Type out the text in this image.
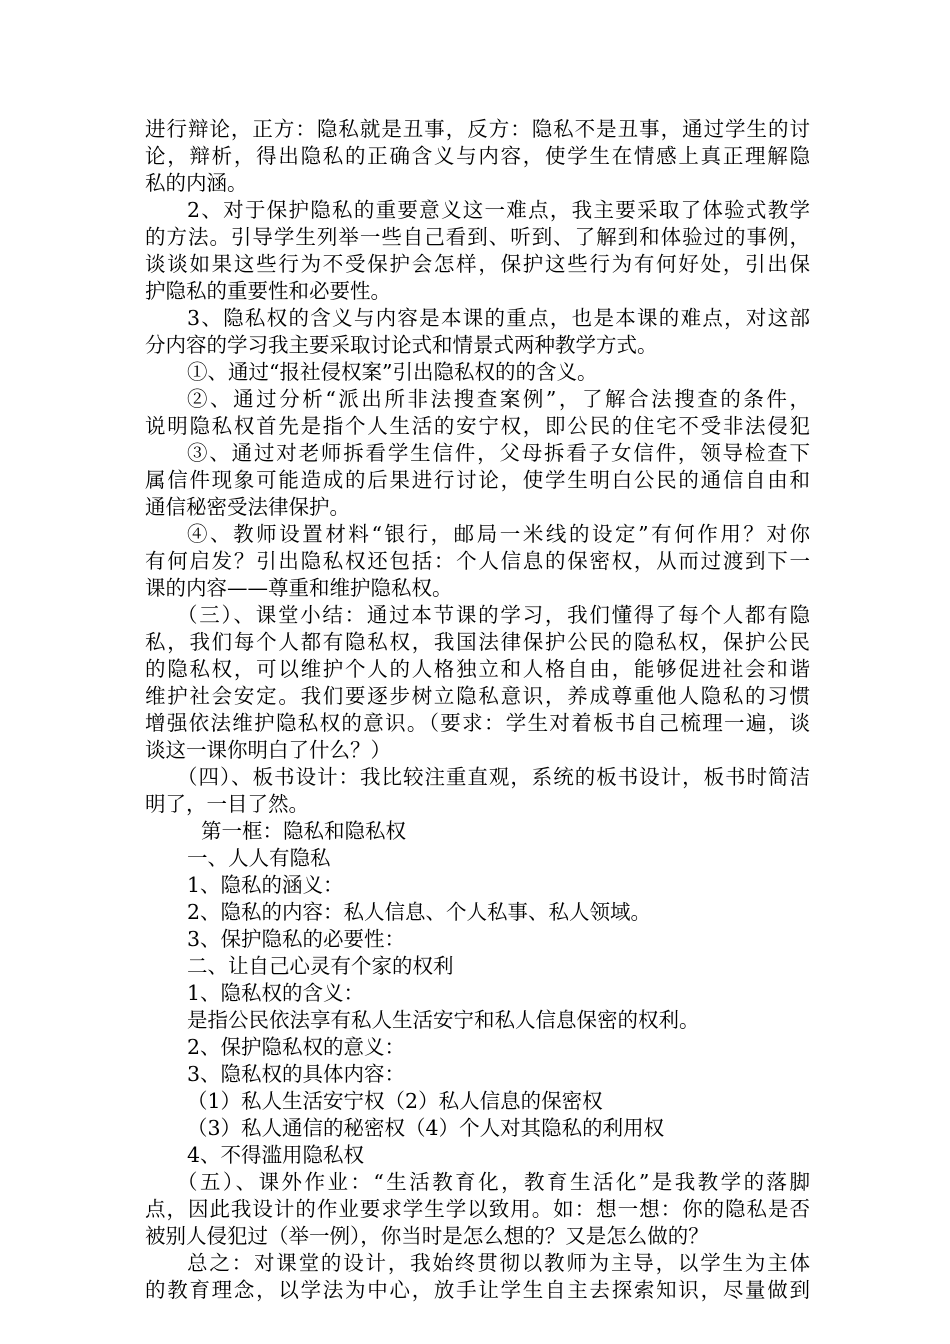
进行辩论，正方：隐私就是丑事，反方：隐私不是丑事，通过学生的讨
论，辩析，得出隐私的正确含义与内容，使学生在情感上真正理解隐
私的内涵。
2、对于保护隐私的重要意义这一难点，我主要采取了体验式教学
的方法。引导学生列举一些自己看到、听到、了解到和体验过的事例，
谈谈如果这些行为不受保护会怎样，保护这些行为有何好处，引出保
护隐私的重要性和必要性。
3、隐私权的含义与内容是本课的重点，也是本课的难点，对这部
分内容的学习我主要采取讨论式和情景式两种教学方式。
①、通过“报社侵权案”引出隐私权的的含义。
②、通过分析“派出所非法搜查案例”，了解合法搜查的条件，
说明隐私权首先是指个人生活的安宁权，即公民的住宅不受非法侵犯
③、通过对老师拆看学生信件，父母拆看子女信件，领导检查下
属信件现象可能造成的后果进行讨论，使学生明白公民的通信自由和
通信秘密受法律保护。
④、教师设置材料“银行，邮局一米线的设定”有何作用？对你
有何启发？引出隐私权还包括：个人信息的保密权，从而过渡到下一
课的内容——尊重和维护隐私权。
（三）、课堂小结：通过本节课的学习，我们懂得了每个人都有隐
私，我们每个人都有隐私权，我国法律保护公民的隐私权，保护公民
的隐私权，可以维护个人的人格独立和人格自由，能够促进社会和谐
维护社会安定。我们要逐步树立隐私意识，养成尊重他人隐私的习惯
增强依法维护隐私权的意识。（要求：学生对着板书自己梳理一遍，谈
谈这一课你明白了什么？）
（四）、板书设计：我比较注重直观，系统的板书设计，板书时简洁
明了，一目了然。
第一框：隐私和隐私权
一、人人有隐私
1、隐私的涵义：
2、隐私的内容：私人信息、个人私事、私人领域。
3、保护隐私的必要性：
二、让自己心灵有个家的权利
1、隐私权的含义：
是指公民依法享有私人生活安宁和私人信息保密的权利。
2、保护隐私权的意义：
3、隐私权的具体内容：
（1）私人生活安宁权（2）私人信息的保密权
（3）私人通信的秘密权（4）个人对其隐私的利用权
4、不得滥用隐私权
（五）、课外作业：“生活教育化，教育生活化”是我教学的落脚
点，因此我设计的作业要求学生学以致用。如：想一想：你的隐私是否
被别人侵犯过（举一例），你当时是怎么想的？又是怎么做的？
总之：对课堂的设计，我始终贯彻以教师为主导，以学生为主体
的教育理念，以学法为中心，放手让学生自主去探索知识，尽量做到
